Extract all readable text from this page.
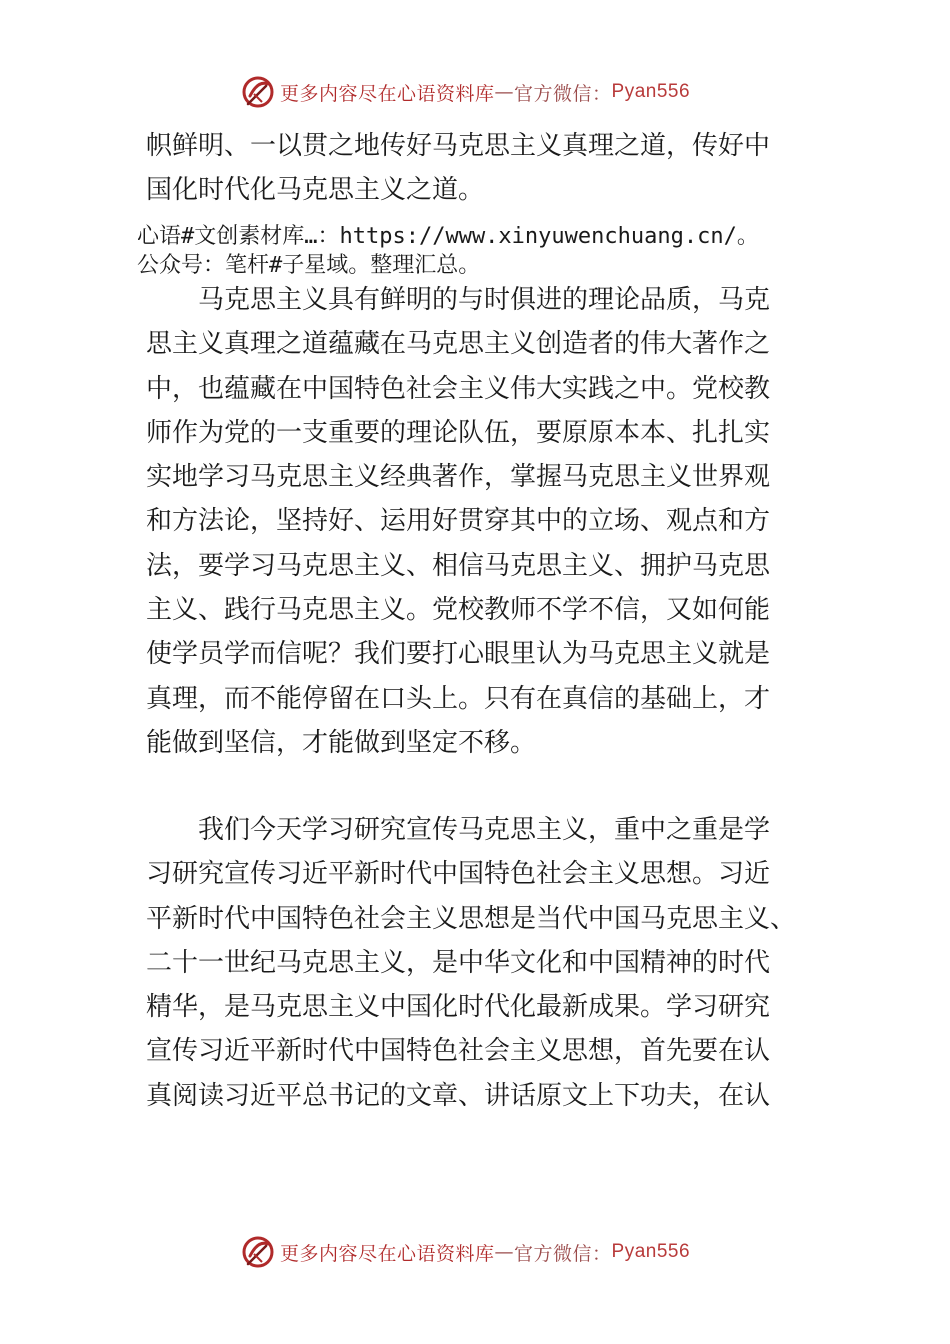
更多内容尽在心语资料库 — 官方微信： Pyan556

帜鲜明、一以贯之地传好马克思主义真理之道，传好中
国化时代化马克思主义之道。

心语#文创素材库…：https://www.xinyuwenchuang.cn/。
公众号：笔杆#子星域。整理汇总。

　　马克思主义具有鲜明的与时俱进的理论品质，马克
思主义真理之道蕴藏在马克思主义创造者的伟大著作之
中，也蕴藏在中国特色社会主义伟大实践之中。党校教
师作为党的一支重要的理论队伍，要原原本本、扎扎实
实地学习马克思主义经典著作，掌握马克思主义世界观
和方法论，坚持好、运用好贯穿其中的立场、观点和方
法，要学习马克思主义、相信马克思主义、拥护马克思
主义、践行马克思主义。党校教师不学不信，又如何能
使学员学而信呢？我们要打心眼里认为马克思主义就是
真理，而不能停留在口头上。只有在真信的基础上，才
能做到坚信，才能做到坚定不移。

　　我们今天学习研究宣传马克思主义，重中之重是学
习研究宣传习近平新时代中国特色社会主义思想。习近
平新时代中国特色社会主义思想是当代中国马克思主义、
二十一世纪马克思主义，是中华文化和中国精神的时代
精华，是马克思主义中国化时代化最新成果。学习研究
宣传习近平新时代中国特色社会主义思想，首先要在认
真阅读习近平总书记的文章、讲话原文上下功夫，在认

更多内容尽在心语资料库 — 官方微信： Pyan556
